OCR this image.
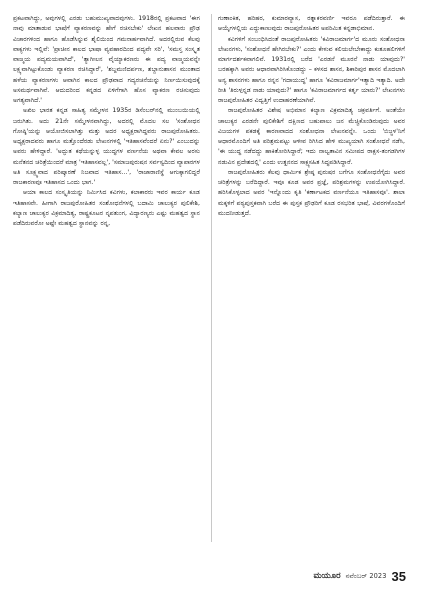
ಪ್ರಕಟವಾಗಿದ್ದು, ಅವುಗಳಲ್ಲಿ ಎರಡು ಬಹುಮುಖ್ಯವಾದವುಗಳು. 1918ರಲ್ಲಿ ಪ್ರಕಟವಾದ 'ಈಗ ನಾವು ಮಾತಾಡುವ ಭಾಷೆಗೆ ವ್ಯಾಕರಣವನ್ನು ಹೇಗೆ ರಚಿಸಬೇಕು' ಲೇಖನ ಹಲವಾರು ಪ್ರೌಢ ವಿಚಾರಗಳಿಂದ ಹಾಗೂ ಹೊಡೆಸಿನ್ನುವ ಶೈಲಿಯಿಂದ ಗಮನಾರ್ಹವಾಗಿದೆ. ಅದರಲ್ಲಿರುವ ಕೆಲವು ವಾಕ್ಯಗಳು ಇಲ್ಲಿವೆ: 'ಪ್ರಾಚೀನ ಕಾಲದ ಭಾಷಾ ವ್ಯವಹಾರದಿಂದ ಪದ್ಯವೇ ಸರಿ', 'ಸಮಸ್ತ ಸಂಸ್ಕೃತ ವಾಙ್ಮಯ ಪದ್ಯಮಯವಾಗಿದೆ', 'ತ್ಯಾಗೀಲನ ವೈಯ್ಯಾಕರಣರು ಈ ಪದ್ಯ ವಾಙ್ಮಯವನ್ನೇ ಲಕ್ಷ್ಯವಾಗಿಟ್ಟುಕೊಂಡು ವ್ಯಾಕರಣ ರಚಿಸಿದ್ದಾರೆ', 'ಶಬ್ದಮಣಿದರ್ಪಣ, ಶಬ್ದಾನುಶಾಸನ ಮುಂತಾದ ಹಳೆಯ ವ್ಯಾಕರಣಗಳು ಆವಾಗಿನ ಕಾಲದ ಪ್ರೌಢವಾದ ಗದ್ಯರಚನೆಯನ್ನು ನಿರ್ಣಯಿಸುವುದಕ್ಕೆ ಅಸಮರ್ಥವಾಗಿವೆ. ಆದುದರಿಂದ ಕನ್ನಡದ ಏಳಿಗೆಗಾಗಿ ಹೊಸ ವ್ಯಾಕರಣ ರಚಿಸುವುದು ಅಗತ್ಯವಾಗಿದೆ.'

ಅಖಿಲ ಭಾರತ ಕನ್ನಡ ಸಾಹಿತ್ಯ ಸಮ್ಮೇಳನ 1935ರ ಡಿಸೆಂಬರ್‌ನಲ್ಲಿ ಮುಂಬಯಿಯಲ್ಲಿ ಜರುಗಿತು. ಅದು 21ನೇ ಸಮ್ಮೇಳನವಾಗಿದ್ದು, ಅದರಲ್ಲಿ ಮೊದಲ ಸಲ 'ಸಂಶೋಧನ ಗೋಷ್ಠಿ'ಯನ್ನು ಆಯೋಜಿಸಲಾಗಿತ್ತು ಮತ್ತು ಅದರ ಅಧ್ಯಕ್ಷರಾಗಿದ್ದವರು ರಾಜಪುರೋಹಿತರು. ಅಧ್ಯಕ್ಷರಾದವರು ಹಾಗೂ ಮತ್ತೊಂದೆರಡು ಲೇಖನಗಳಲ್ಲಿ 'ಇತಿಹಾಸವೆಂದರೆ ಏನು?' ಎಂಬುದನ್ನು ಅವರು ಹೇಳಿದ್ದಾರೆ. 'ಅದ್ಭುತ ಕಥೆಯನ್ನುಳ್ಳ ಯುದ್ಧಗಳ ವರ್ಣನೆಯ ಅಥವಾ ಕೇವಲ ಅರಸು ಮನೆತನದ ಚರಿತ್ರೆಯಿಂದರೆ ಮಾತ್ರ 'ಇತಿಹಾಸವಲ್ಲ', 'ಸಮಾಜಪುರುಷನ ಸರ್ವಸ್ವದಿಂದ ವ್ಯಾಪಾರಗಳ ಅತಿ ಸೂಕ್ಷ್ಮವಾದ ಪರಿಷ್ಕಾರಣೆ ನಿಜವಾದ ಇತಿಹಾಸ...', 'ರಾಜಾರಾಣಿಸ್ಥೆ ಆಗುಕ್ಕಾಗಲಿದ್ದರೆ ರಾಜಕಾರಣವೂ ಇತಿಹಾಸದ ಒಂದು ಭಾಗ.'

ಆಯಾ ಕಾಲದ ಸಂಸ್ಕೃತಿಯನ್ನು ನಿರ್ಮಿಸಿದ ಕವಿಗಳು, ಕಲಾಕಾರರು ಇವರ ಕಾರ್ಯ ಕೂಡ ಇತಿಹಾಸವೇ. ಹೀಗಾಗಿ ರಾಜಪುರೋಹಿತರ ಸಂಶೋಧನೆಗಳಲ್ಲಿ ಬದಾಮಿ ಚಾಲುಕ್ಯರ ಪುಲಿಕೇಶಿ, ಕಲ್ಯಾಣ ಚಾಲುಕ್ಯರ ವಿಕ್ರಮಾದಿತ್ಯ, ರಾಷ್ಟ್ರಕೂಟರ ನೃಪತುಂಗ, ವಿದ್ಯಾರಣ್ಯರು ಎಷ್ಟು ಮಹತ್ವದ ಸ್ಥಾನ ಪಡೆದಿರುವರೋ ಅಷ್ಟೇ ಮಹತ್ವದ ಸ್ಥಾನವನ್ನು ರನ್ನ,

ಗುಣಾಂಕಿತ, ಹರಿಹರ, ಕುಮಾರವ್ಯಾಸ, ರತ್ನಾಕರವರ್ಣಿ ಇವರೂ ಪಡೆದಿರುತ್ತಾರೆ. ಈ ಆಯ್ಕೆಗಳಲ್ಲಿಯ ಎದ್ದುಕಾಣುವುದು ರಾಜಪುರೋಹಿತರ ಅಪರಿಮಿತ ಕನ್ನಡಾಭಿಮಾನ.

ಕವಿಗಳಿಗೆ ಸಂಬಂಧಿಸಿದಂತೆ ರಾಜಪುರೋಹಿತರು 'ಕವಿರಾಜಮಾರ್ಗ'ದ ಮೂರು ಸಂಶೋಧನಾ ಲೇಖನಗಳು, 'ಸಂಶೋಧನೆ ಹೇಗಿರಬೇಕು?' ಎಂದು ಕೇಳುವ ಕಲಿಯಲೇಬೇಕಾದ್ದು ಕುತೂಹಲಿಗಳಿಗೆ ಮಾರ್ಗದರ್ಶಕವಾಗಲಿವೆ. 1931ರಲ್ಲಿ ಬರೆದ 'ಎರಡನೆ ಮೂರನೆ ನಾಡು ಯಾವುದು?' ಬರಹಕ್ಕಾಗಿ ಅವರು ಆಧಾರವಾಗಿರಿಸಿಕೊಂಡದ್ದು – ಕಳಸದ ಶಾಸನ, ಶಿಕಾರಿಪುರ ಶಾಸನ ಮೊದಲಾಗಿ ಅನ್ಯ ಶಾಸನಗಳು ಹಾಗೂ ರನ್ನನ 'ಗದಾಯುದ್ಧ' ಹಾಗೂ 'ಕವಿರಾಜಮಾರ್ಗ'ಇತ್ಯಾದಿ ಇತ್ಯಾದಿ. ಅದೇ ರೀತಿ 'ತಿರುಳ್ಗನ್ನಡ ನಾಡು ಯಾವುದು?' ಹಾಗೂ 'ಕವಿರಾಜಮಾರ್ಗದ ಕರ್ತೃ ಯಾರು?' ಲೇಖನಗಳು ರಾಜಪುರೋಹಿತರ ವಿದ್ವತ್ತಿಗೆ ಉದಾಹರಣೆಯಾಗಿವೆ.

ರಾಜಪುರೋಹಿತರ ವಿಶೇಷ ಅಭಿಮಾನ ಕಲ್ಯಾಣ ವಿಕ್ರಮಾದಿತ್ಯ ಚಕ್ರವರ್ತಿಗೆ. ಅಂತೆಯೇ ಚಾಲುಕ್ಯರ ಎರಡನೇ ಪುಲಿಕೇಶಿಗೆ ದಕ್ಷಿಣದ ಬಹುಪಾಲು ಜನ ಮೆಚ್ಚಿಕೊಂಡಿರುವುದು ಅವರ ವಿಜಯಗಳ ಪಕಡಕ್ಕೆ ಕಾರಣವಾದದ ಸಂಶೋಧನಾ ಲೇಖನವನ್ನೇ. ಒಂದು 'ಬಿಜ್ಜಳ'ನಿಗೆ ಆಧಾರಮೊಂದಿಗೆ ಅತಿ ಪರಿಶ್ರಮಪಟ್ಟು ಆಳೀವ ರಿಗಿಸಿದ ಹೇಳಿ ಮುಖ್ಯಯಾಗಿ ಸಂಶೋಧನೆ ನಡೆಸಿ, 'ಈ ಯುದ್ಧ ನಡೆದದ್ದು ಹಾಕಿತೋರಿಸಿದ್ದಾರೆ; ಇದು ನಾಲ್ವತಾವಿನ ಸಮೀಪದ ರಾಕ್ಷಸ-ತಂಗಡಗಿಗಳ ನಡುವಿನ ಪ್ರದೇಶದಲ್ಲಿ' ಎಂದು ಉತ್ಖನನದ ಸಾಕ್ಷ್ಯಸಹಿತ ಸಿದ್ಧಪಡಿಸಿದ್ದಾರೆ.

ರಾಜಪುರೋಹಿತರು ಕೆಲವು ಧಾರ್ಮಿಕ ಶ್ರೇಷ್ಠ ಪುರುಷರ ಬಗೆಗೂ ಸಂಶೋಧನೆಗೈದು ಅವರ ಚರಿತ್ರೆಗಳನ್ನು ಬರೆದಿದ್ದಾರೆ. ಇವೂ ಕೂಡ ಅವರ ಪ್ರಜ್ಞೆ, ಪರಿಶ್ರಮಗಳನ್ನು ಉಪಯೋಗಿಸಿದ್ದಾರೆ. ಹರಿಸಿಕೊಳ್ಳಲಾದ ಅವರ 'ಇನ್ನೊಂದು ಕೃತಿ 'ಕರ್ಣಾಟಕದ ವರ್ಣನೆಯೂ ಇತಿಹಾಸವೂ'. ಶಾಲಾ ಮಕ್ಕಳಿಗೆ ಪಠ್ಯಪುಸ್ತಕವಾಗಿ ಬರೆದ ಈ ಪುಸ್ತಕ ಪ್ರೌಢರಿಗೆ ಕೂಡ ರಸಭರಿತ ಭಾಷೆ, ವಿವರಗಳೊಂದಿಗೆ ಮುದನೀಡುತ್ತದೆ.

ಮಯೂರ ನವೆಂಬರ್ 2023 35
